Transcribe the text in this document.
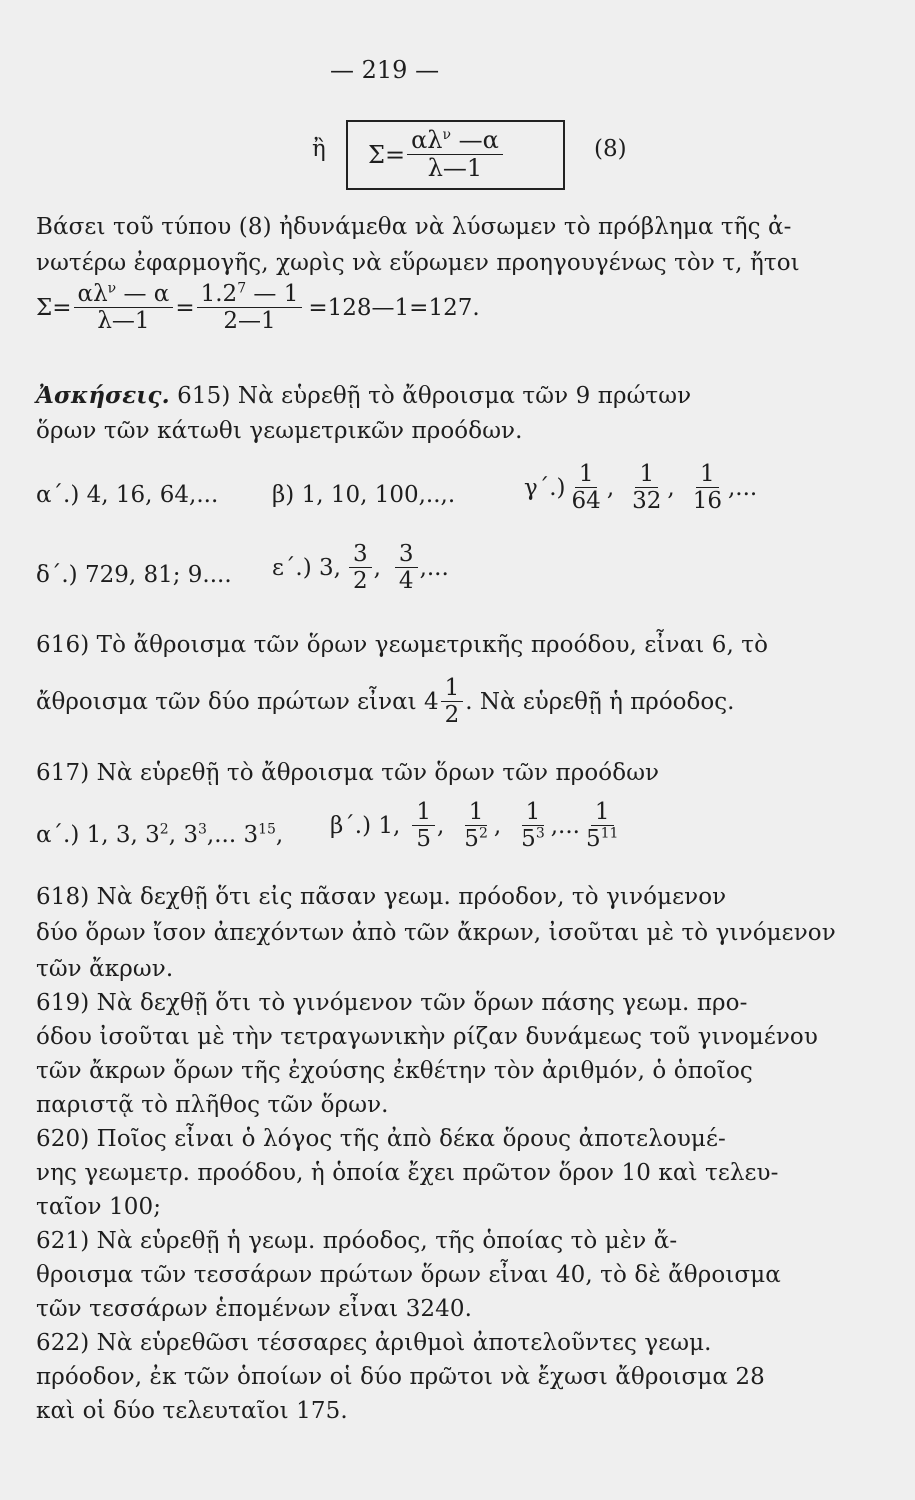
— 219 —
ἢ $\Sigma= \frac{\alpha\lambda^\nu —\alpha}{\lambda—1}$	(8)
Βάσει τοῦ τύπου (8) ἠδυνάμεθα νὰ λύσωμεν τὸ πρόβλημα τῆς ἀ-
νωτέρω ἐφαρμογῆς, χωρὶς νὰ εὕρωμεν προηγουγένως τὸν τ, ἤτοι
$\Sigma= \frac{\alpha\lambda^\nu — \alpha}{\lambda—1} = \frac{1.2^7 — 1}{2—1}$ =128—1=127.
Ἀσκήσεις. 615) Νὰ εὑρεθῇ τὸ ἄθροισμα τῶν 9 πρώτων
ὅρων τῶν κάτωθι γεωμετρικῶν προόδων.
α΄.) 4, 16, 64,... β) 1, 10, 100,..,.	$\gamma΄.) \frac{1}{64}$ , $\frac{1}{32}$ , $\frac{1}{16}$ ,...
δ΄.) 729, 81; 9.... ε΄.) 3, $\frac{3}{2}$ , $\frac{3}{4}$ ,...
616) Τὸ ἄθροισμα τῶν ὅρων γεωμετρικῆς προόδου, εἶναι 6, τὸ
ἄθροισμα τῶν δύο πρώτων εἶναι $4 \frac{1}{2}$ . Νὰ εὑρεθῇ ἡ πρόοδος.
617) Νὰ εὑρεθῇ τὸ ἄθροισμα τῶν ὅρων τῶν προόδων
α΄.) 1, 3, $3^2$, $3^3$,... $3^{15}$, β΄.) 1, $\frac{1}{5}$ , $\frac{1}{5^2}$ , $\frac{1}{5^3}$ ,... $\frac{1}{5^{11}}$
618) Νὰ δεχθῇ ὅτι εἰς πᾶσαν γεωμ. πρόοδον, τὸ γινόμενον
δύο ὅρων ἴσον ἀπεχόντων ἀπὸ τῶν ἄκρων, ἰσοῦται μὲ τὸ γινόμενον
τῶν ἄκρων.
619) Νὰ δεχθῇ ὅτι τὸ γινόμενον τῶν ὅρων πάσης γεωμ. προ-
όδου ἰσοῦται μὲ τὴν τετραγωνικὴν ρίζαν δυνάμεως τοῦ γινομένου
τῶν ἄκρων ὅρων τῆς ἐχούσης ἐκθέτην τὸν ἀριθμόν, ὁ ὁποῖος
παριστᾷ τὸ πλῆθος τῶν ὅρων.
620) Ποῖος εἶναι ὁ λόγος τῆς ἀπὸ δέκα ὅρους ἀποτελουμέ-
νης γεωμετρ. προόδου, ἡ ὁποία ἔχει πρῶτον ὅρον 10 καὶ τελευ-
ταῖον 100;
621) Νὰ εὑρεθῇ ἡ γεωμ. πρόοδος, τῆς ὁποίας τὸ μὲν ἄ-
θροισμα τῶν τεσσάρων πρώτων ὅρων εἶναι 40, τὸ δὲ ἄθροισμα
τῶν τεσσάρων ἑπομένων εἶναι 3240.
622) Νὰ εὑρεθῶσι τέσσαρες ἀριθμοὶ ἀποτελοῦντες γεωμ.
πρόοδον, ἐκ τῶν ὁποίων οἱ δύο πρῶτοι νὰ ἔχωσι ἄθροισμα 28
καὶ οἱ δύο τελευταῖοι 175.
